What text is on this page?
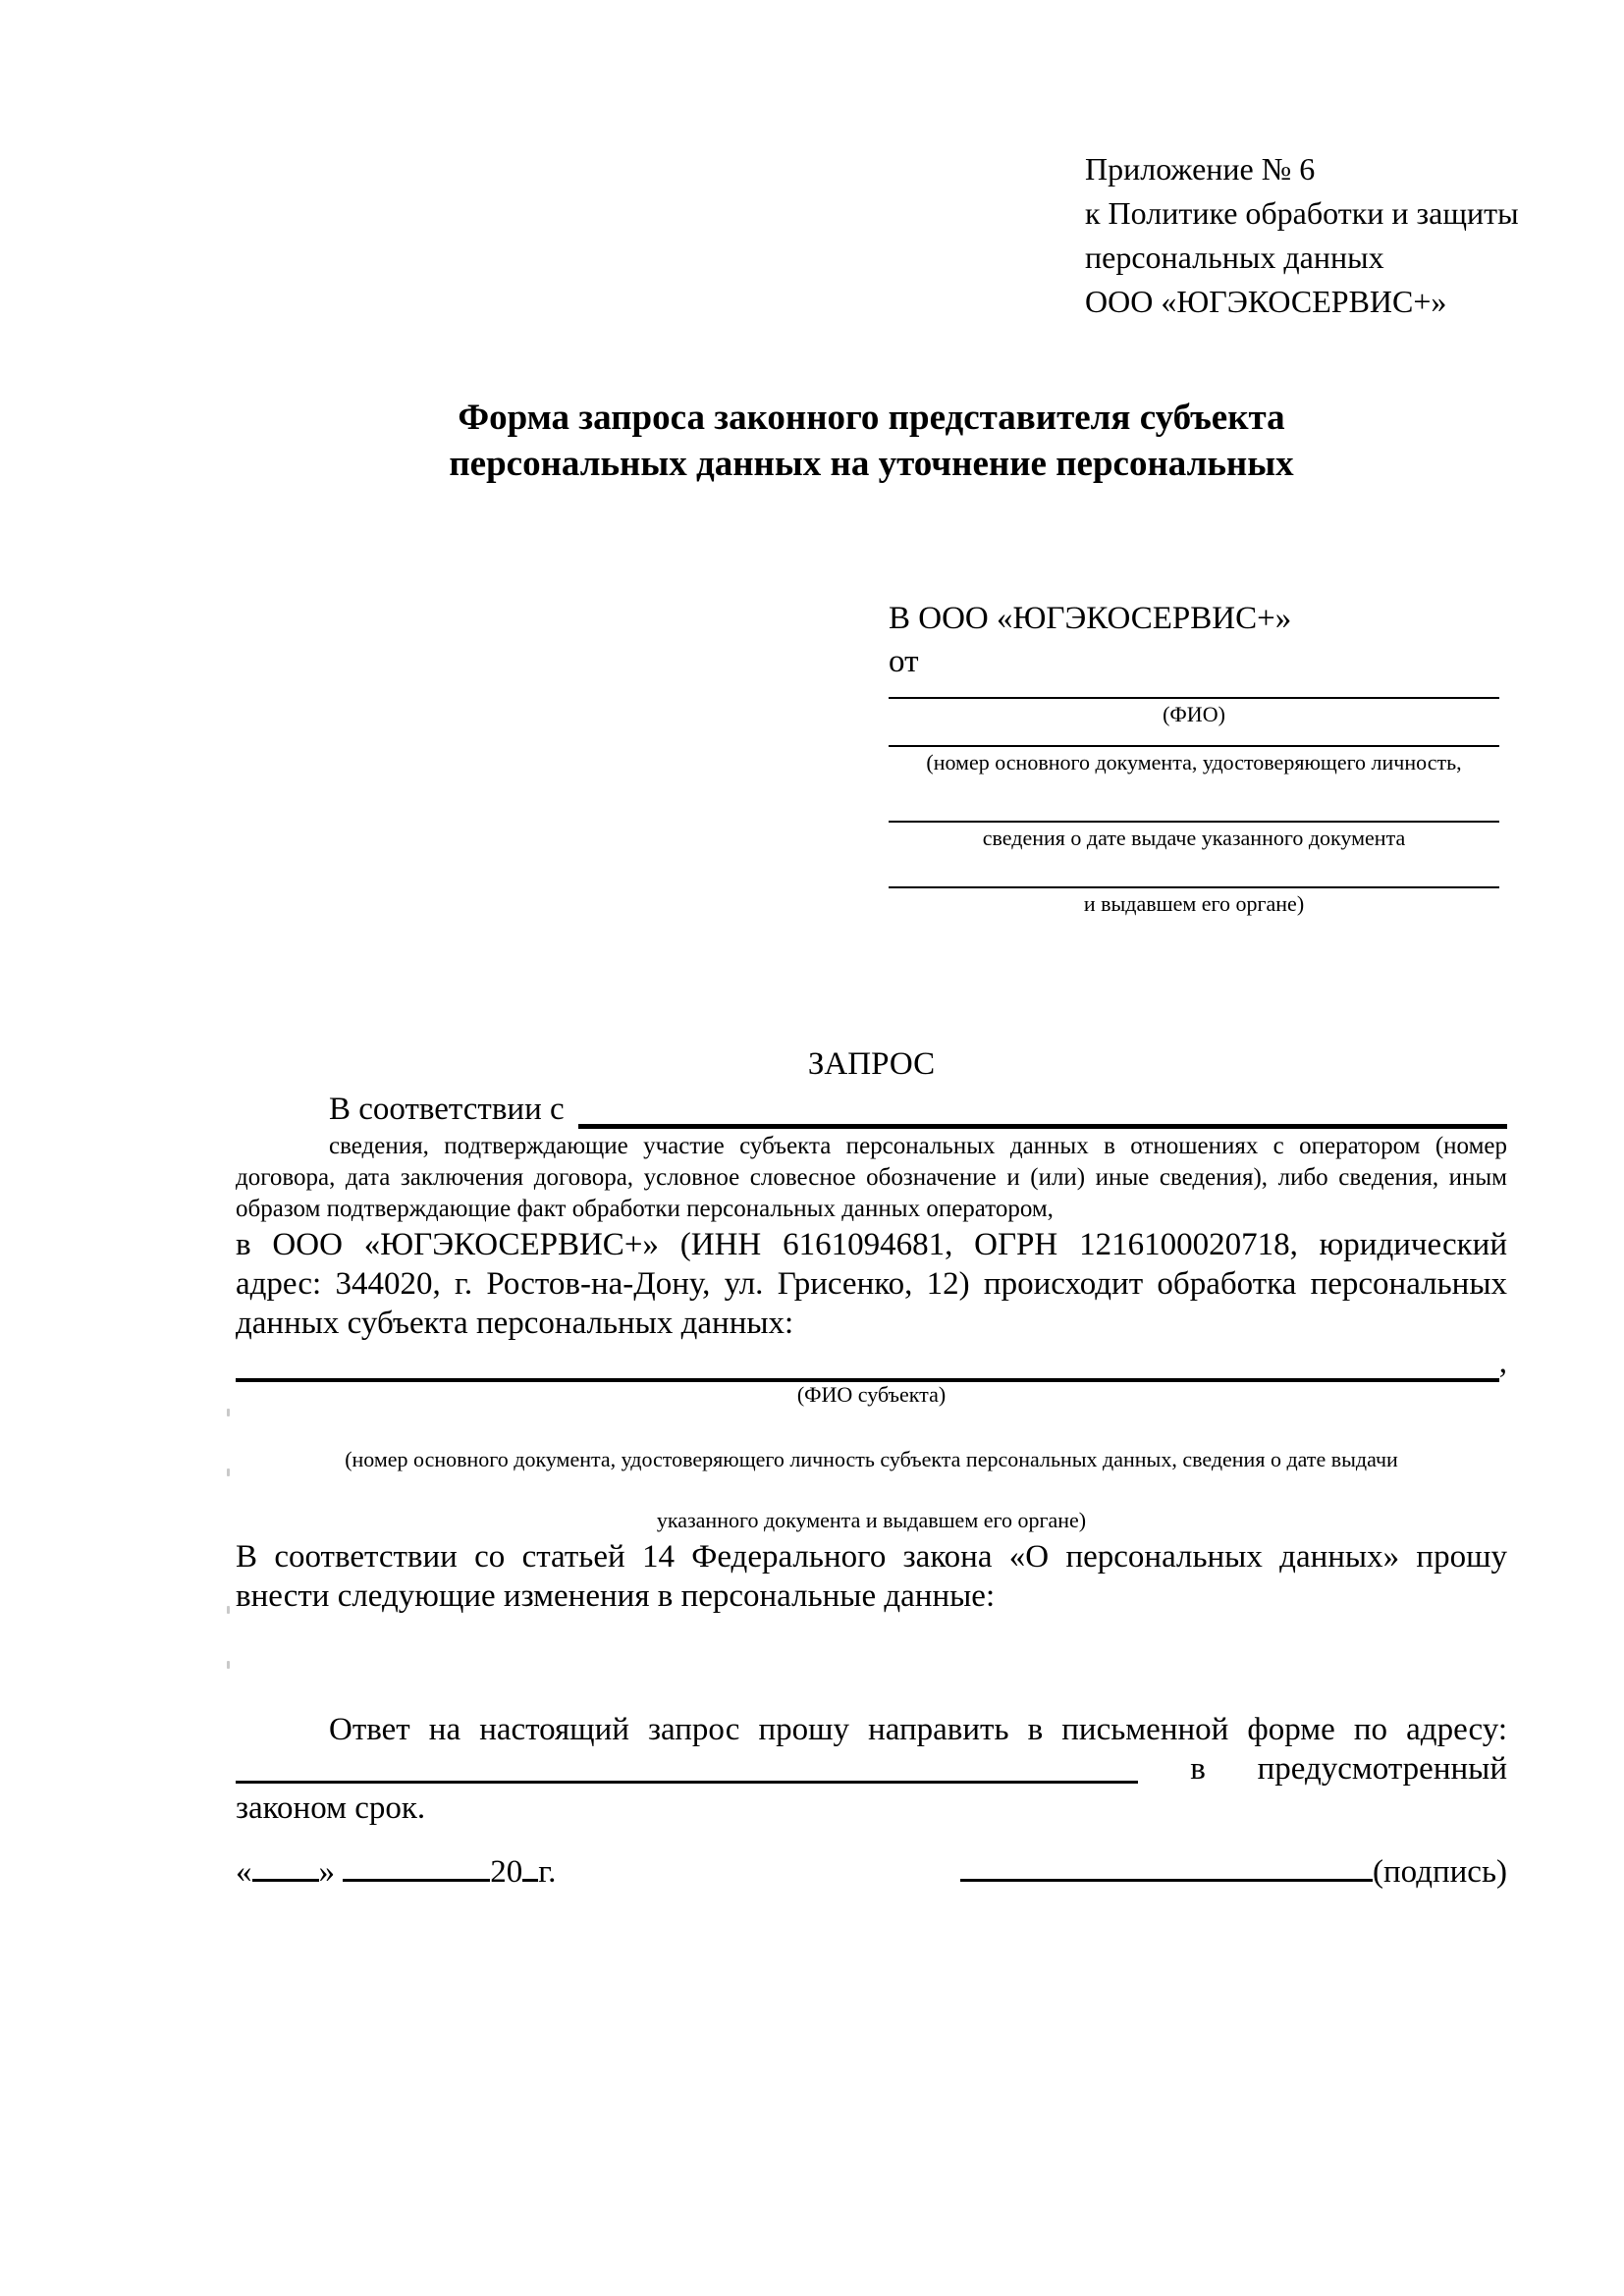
Приложение № 6
к Политике обработки и защиты
персональных данных
ООО «ЮГЭКОСЕРВИС+»
Форма запроса законного представителя субъекта
персональных данных на уточнение персональных
В ООО «ЮГЭКОСЕРВИС+»
от
(ФИО)
(номер основного документа, удостоверяющего личность,
сведения о дате выдаче указанного документа
и выдавшем его органе)
ЗАПРОС
В соответствии с
сведения, подтверждающие участие субъекта персональных данных в отношениях с оператором (номер договора, дата заключения договора, условное словесное обозначение и (или) иные сведения), либо сведения, иным образом подтверждающие факт обработки персональных данных оператором,
в ООО «ЮГЭКОСЕРВИС+» (ИНН 6161094681, ОГРН 1216100020718, юридический адрес: 344020, г. Ростов-на-Дону, ул. Грисенко, 12) происходит обработка персональных данных субъекта персональных данных:
,
(ФИО субъекта)
(номер основного документа, удостоверяющего личность субъекта персональных данных, сведения о дате выдачи
указанного документа и выдавшем его органе)
В соответствии со статьей 14 Федерального закона «О персональных данных» прошу внести следующие изменения в персональные данные:
Ответ на настоящий запрос прошу направить в письменной форме по адресу:
в предусмотренный
законом срок.
« »	20 г.	(подпись)
